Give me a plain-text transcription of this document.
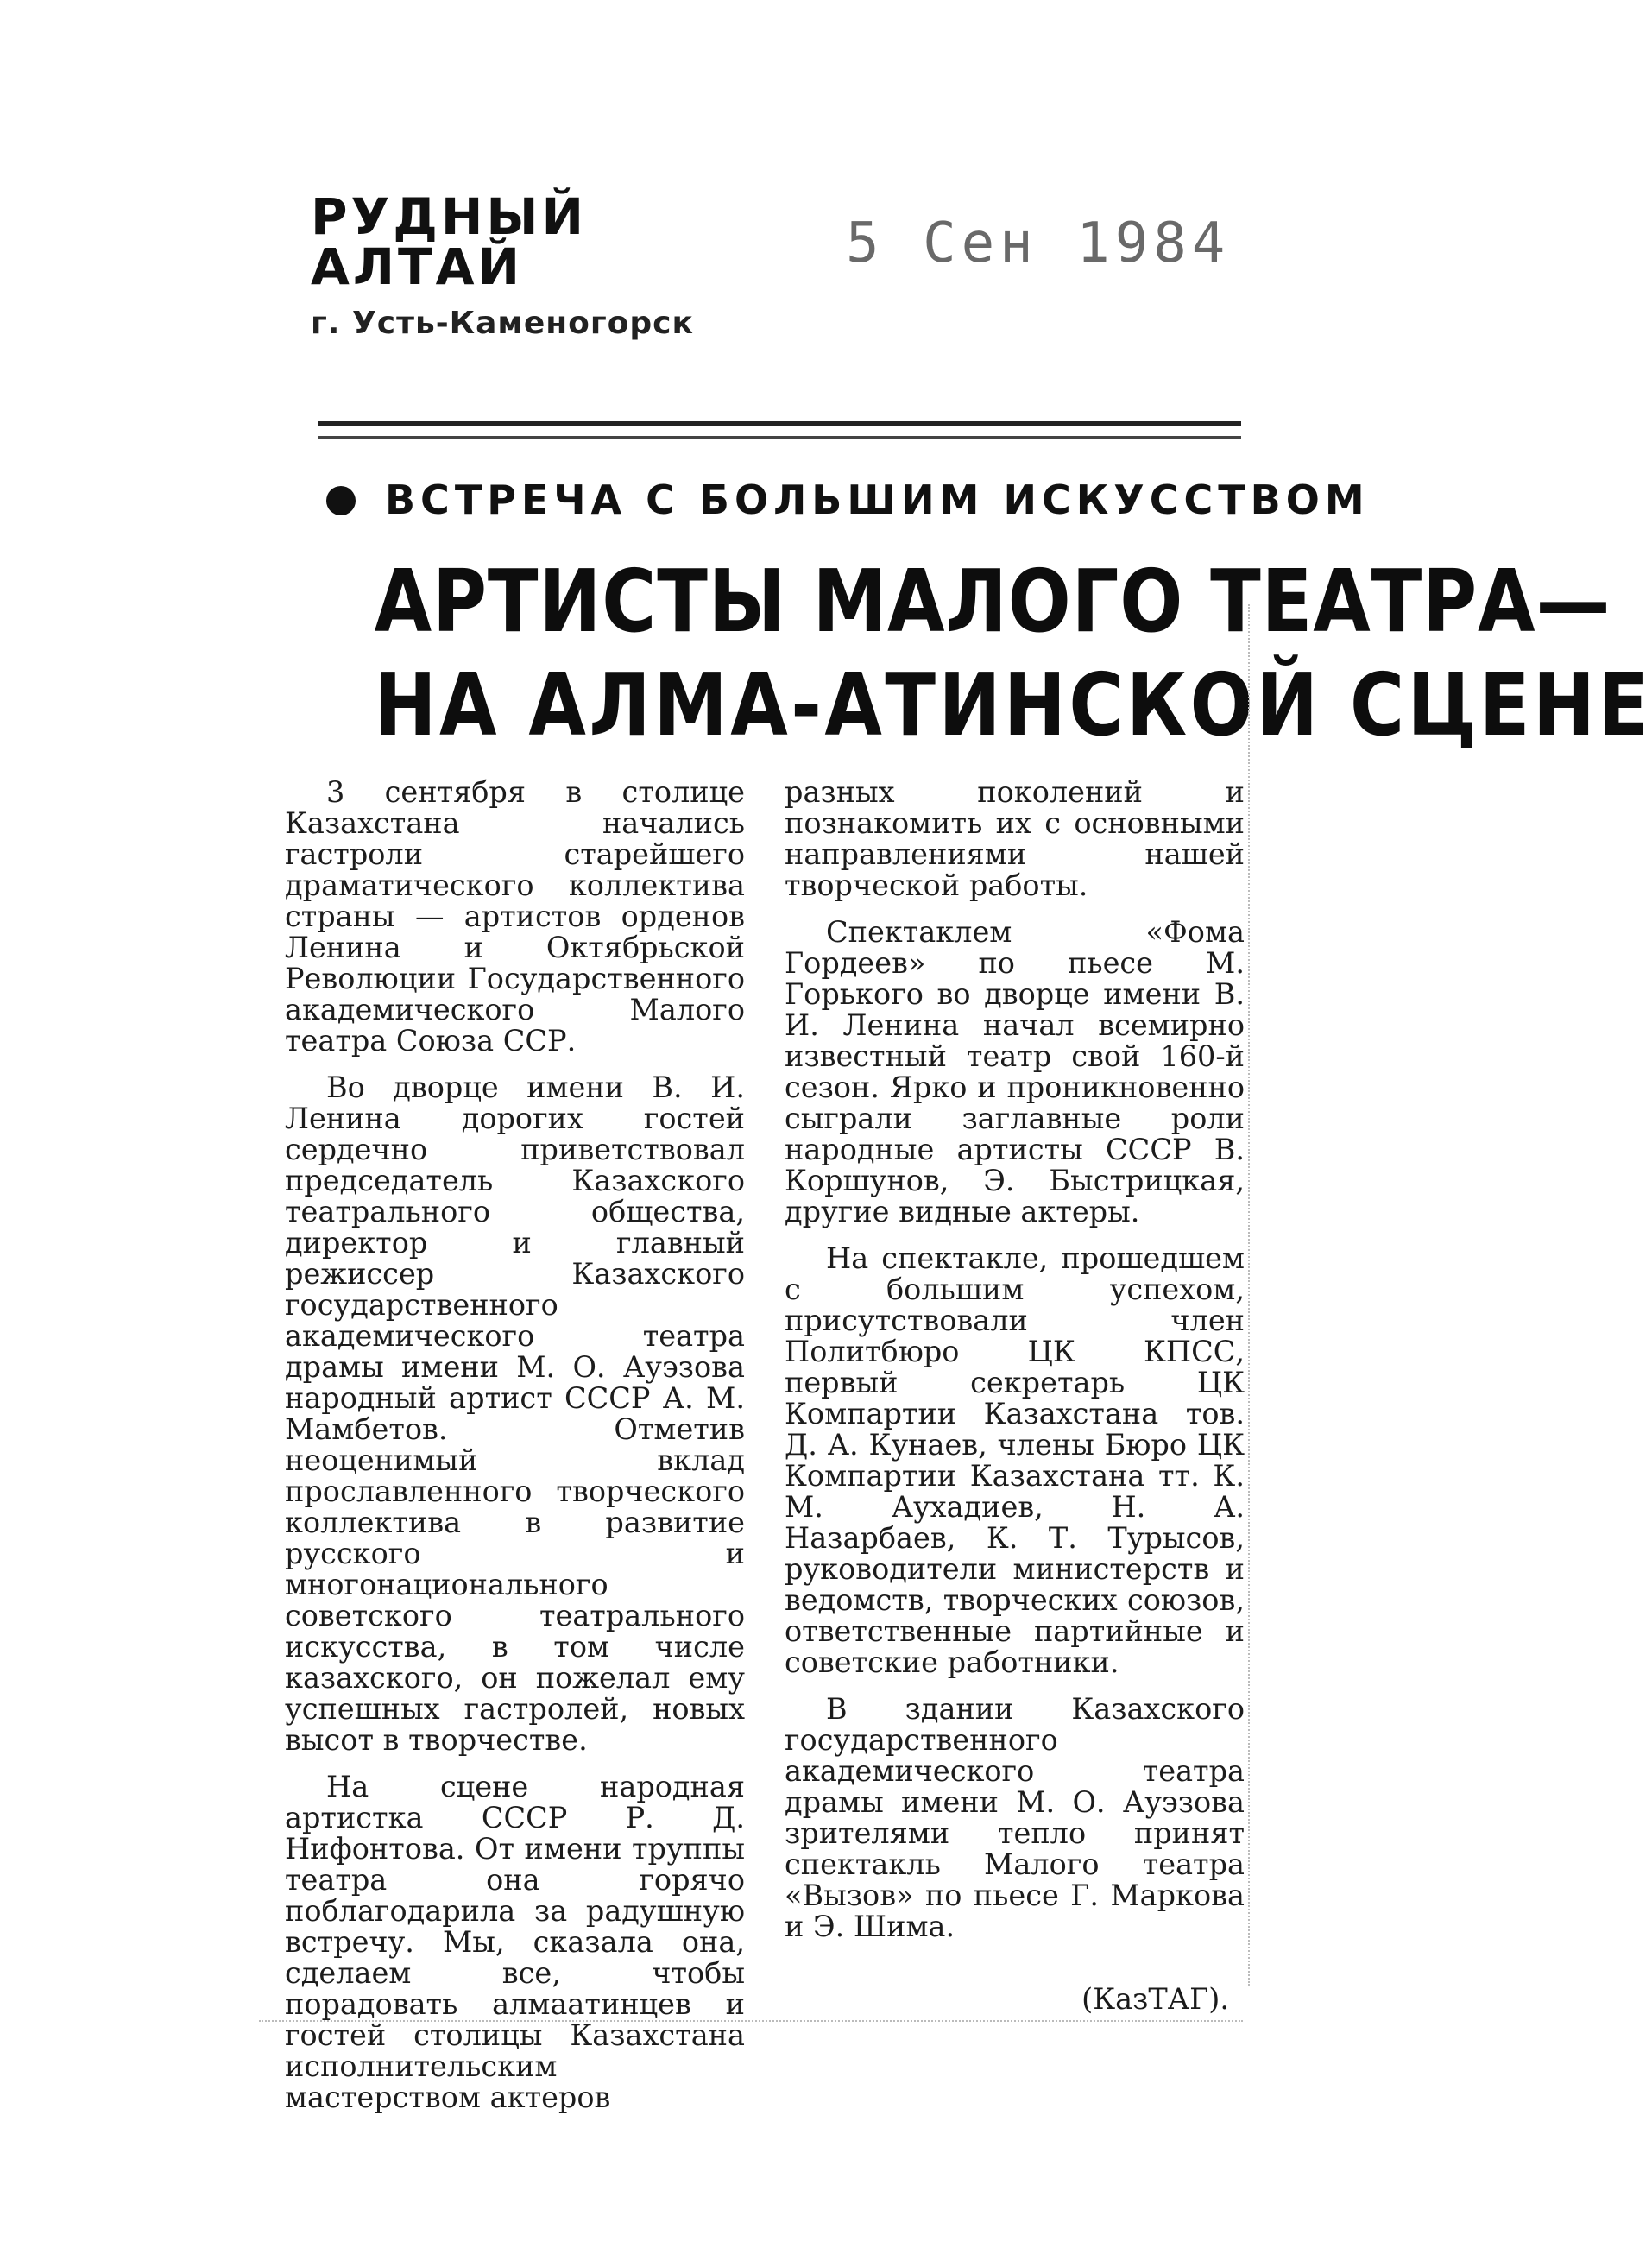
РУДНЫЙ АЛТАЙ
г. Усть-Каменогорск
5 Сен 1984
ВСТРЕЧА С БОЛЬШИМ ИСКУССТВОМ
АРТИСТЫ МАЛОГО ТЕАТРА—
НА АЛМА-АТИНСКОЙ СЦЕНЕ

3 сентября в столице Казахстана начались гастроли старейшего драматического коллектива страны — артистов орденов Ленина и Октябрьской Революции Государственного академического Малого театра Союза ССР.

Во дворце имени В. И. Ленина дорогих гостей сердечно приветствовал председатель Казахского театрального общества, директор и главный режиссер Казахского государственного академического театра драмы имени М. О. Ауэзова народный артист СССР А. М. Мамбетов. Отметив неоценимый вклад прославленного творческого коллектива в развитие русского и многонационального советского театрального искусства, в том числе казахского, он пожелал ему успешных гастролей, новых высот в творчестве.

На сцене народная артистка СССР Р. Д. Нифонтова. От имени труппы театра она горячо поблагодарила за радушную встречу. Мы, сказала она, сделаем все, чтобы порадовать алмаатинцев и гостей столицы Казахстана исполнительским мастерством актеров

разных поколений и познакомить их с основными направлениями нашей творческой работы.

Спектаклем «Фома Гордеев» по пьесе М. Горького во дворце имени В. И. Ленина начал всемирно известный театр свой 160-й сезон. Ярко и проникновенно сыграли заглавные роли народные артисты СССР В. Коршунов, Э. Быстрицкая, другие видные актеры.

На спектакле, прошедшем с большим успехом, присутствовали член Политбюро ЦК КПСС, первый секретарь ЦК Компартии Казахстана тов. Д. А. Кунаев, члены Бюро ЦК Компартии Казахстана тт. К. М. Аухадиев, Н. А. Назарбаев, К. Т. Турысов, руководители министерств и ведомств, творческих союзов, ответственные партийные и советские работники.

В здании Казахского государственного академического театра драмы имени М. О. Ауэзова зрителями тепло принят спектакль Малого театра «Вызов» по пьесе Г. Маркова и Э. Шима.

(КазТАГ).
